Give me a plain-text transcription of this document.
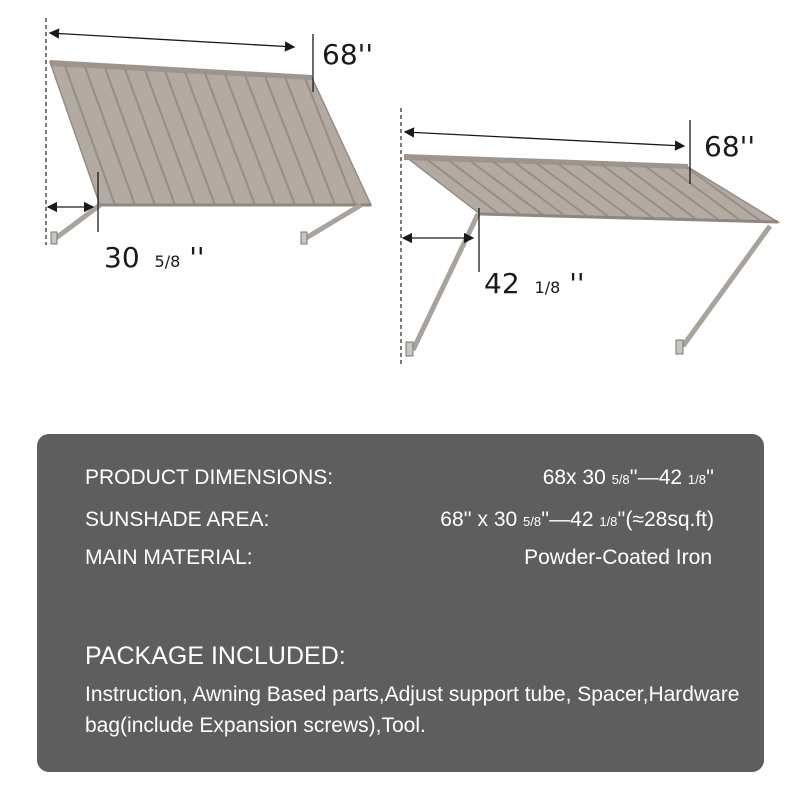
68''
30 5/8 ''
68''
42 1/8 ''
PRODUCT DIMENSIONS:	68x 30 5/8''—42 1/8''
SUNSHADE AREA:	68'' x 30 5/8''—42 1/8''(≈28sq.ft)
MAIN MATERIAL:	Powder-Coated Iron
PACKAGE INCLUDED:
Instruction, Awning Based parts,Adjust support tube, Spacer,Hardware bag(include Expansion screws),Tool.
